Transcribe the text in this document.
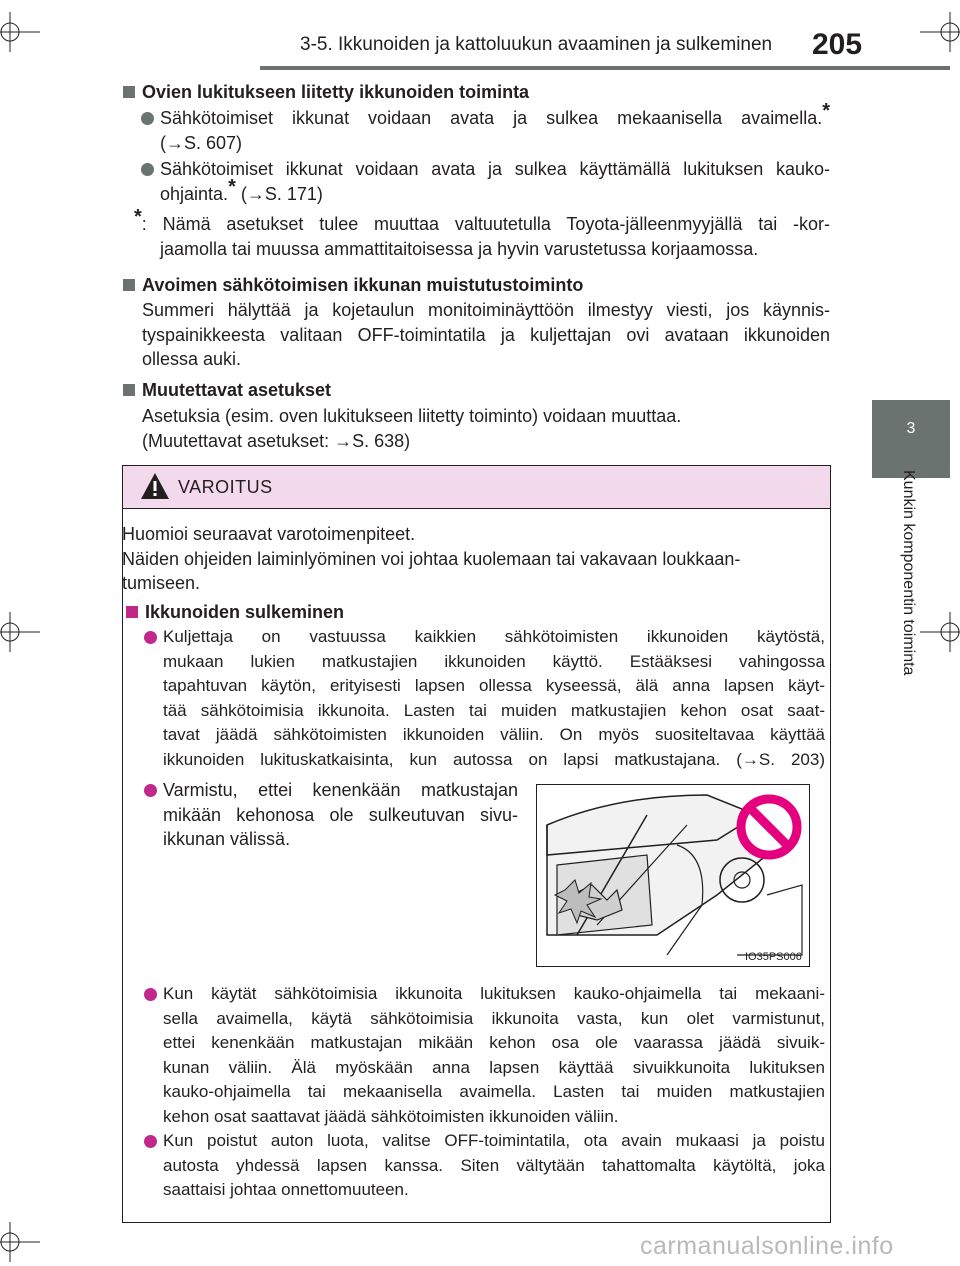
3-5. Ikkunoiden ja kattoluukun avaaminen ja sulkeminen 205
3
Kunkin komponentin toiminta
Ovien lukitukseen liitetty ikkunoiden toiminta

Sähkötoimiset ikkunat voidaan avata ja sulkea mekaanisella avaimella.*

(→S. 607)

Sähkötoimiset ikkunat voidaan avata ja sulkea käyttämällä lukituksen kauko-

ohjainta.* (→S. 171)

*: Nämä asetukset tulee muuttaa valtuutetulla Toyota-jälleenmyyjällä tai -kor-

jaamolla tai muussa ammattitaitoisessa ja hyvin varustetussa korjaamossa.

Avoimen sähkötoimisen ikkunan muistutustoiminto

Summeri hälyttää ja kojetaulun monitoiminäyttöön ilmestyy viesti, jos käynnis-

tyspainikkeesta valitaan OFF-toimintatila ja kuljettajan ovi avataan ikkunoiden

ollessa auki.

Muutettavat asetukset

Asetuksia (esim. oven lukitukseen liitetty toiminto) voidaan muuttaa.

(Muutettavat asetukset: →S. 638)

VAROITUS

Huomioi seuraavat varotoimenpiteet.

Näiden ohjeiden laiminlyöminen voi johtaa kuolemaan tai vakavaan loukkaan-

tumiseen.

Ikkunoiden sulkeminen

Kuljettaja on vastuussa kaikkien sähkötoimisten ikkunoiden käytöstä,

mukaan lukien matkustajien ikkunoiden käyttö. Estääksesi vahingossa

tapahtuvan käytön, erityisesti lapsen ollessa kyseessä, älä anna lapsen käyt-

tää sähkötoimisia ikkunoita. Lasten tai muiden matkustajien kehon osat saat-

tavat jäädä sähkötoimisten ikkunoiden väliin. On myös suositeltavaa käyttää

ikkunoiden lukituskatkaisinta, kun autossa on lapsi matkustajana. (→S. 203)

Varmistu, ettei kenenkään matkustajan

mikään kehonosa ole sulkeutuvan sivu-

ikkunan välissä.

IO35PS006

Kun käytät sähkötoimisia ikkunoita lukituksen kauko-ohjaimella tai mekaani-

sella avaimella, käytä sähkötoimisia ikkunoita vasta, kun olet varmistunut,

ettei kenenkään matkustajan mikään kehon osa ole vaarassa jäädä sivuik-

kunan väliin. Älä myöskään anna lapsen käyttää sivuikkunoita lukituksen

kauko-ohjaimella tai mekaanisella avaimella. Lasten tai muiden matkustajien

kehon osat saattavat jäädä sähkötoimisten ikkunoiden väliin.

Kun poistut auton luota, valitse OFF-toimintatila, ota avain mukaasi ja poistu

autosta yhdessä lapsen kanssa. Siten vältytään tahattomalta käytöltä, joka

saattaisi johtaa onnettomuuteen.

carmanualsonline.info
